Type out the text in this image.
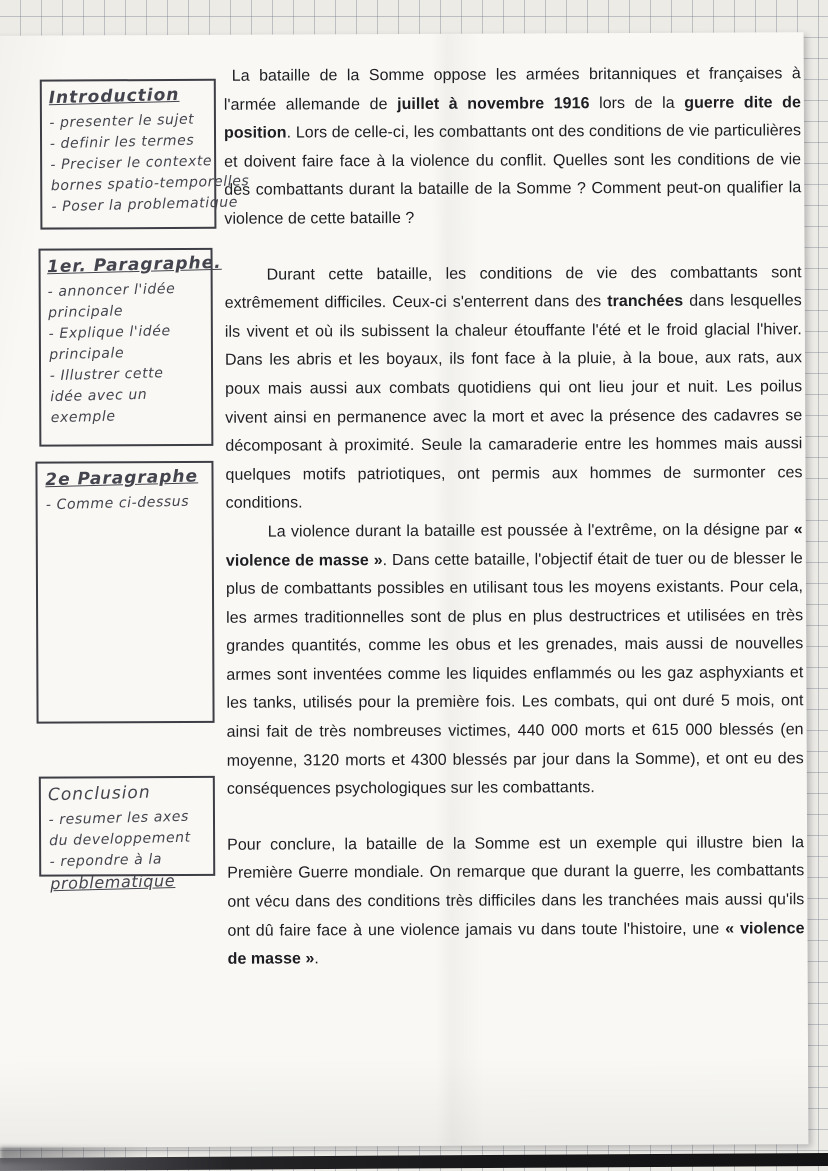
Introduction
- presenter le sujet
- definir les termes
- Preciser le contexte
bornes spatio-temporelles
- Poser la problematique
1er. Paragraphe.
- annoncer l'idée
principale
- Explique l'idée
principale
- Illustrer cette
idée avec un
exemple
2e Paragraphe
- Comme ci-dessus
Conclusion
- resumer les axes
du developpement
- repondre à la
problematique

La bataille de la Somme oppose les armées britanniques et françaises à l'armée allemande de juillet à novembre 1916 lors de la guerre dite de position. Lors de celle-ci, les combattants ont des conditions de vie particulières et doivent faire face à la violence du conflit. Quelles sont les conditions de vie des combattants durant la bataille de la Somme ? Comment peut-on qualifier la violence de cette bataille ?

Durant cette bataille, les conditions de vie des combattants sont extrêmement difficiles. Ceux-ci s'enterrent dans des tranchées dans lesquelles ils vivent et où ils subissent la chaleur étouffante l'été et le froid glacial l'hiver. Dans les abris et les boyaux, ils font face à la pluie, à la boue, aux rats, aux poux mais aussi aux combats quotidiens qui ont lieu jour et nuit. Les poilus vivent ainsi en permanence avec la mort et avec la présence des cadavres se décomposant à proximité. Seule la camaraderie entre les hommes mais aussi quelques motifs patriotiques, ont permis aux hommes de surmonter ces conditions.

La violence durant la bataille est poussée à l'extrême, on la désigne par « violence de masse ». Dans cette bataille, l'objectif était de tuer ou de blesser le plus de combattants possibles en utilisant tous les moyens existants. Pour cela, les armes traditionnelles sont de plus en plus destructrices et utilisées en très grandes quantités, comme les obus et les grenades, mais aussi de nouvelles armes sont inventées comme les liquides enflammés ou les gaz asphyxiants et les tanks, utilisés pour la première fois. Les combats, qui ont duré 5 mois, ont ainsi fait de très nombreuses victimes, 440 000 morts et 615 000 blessés (en moyenne, 3120 morts et 4300 blessés par jour dans la Somme), et ont eu des conséquences psychologiques sur les combattants.

Pour conclure, la bataille de la Somme est un exemple qui illustre bien la Première Guerre mondiale. On remarque que durant la guerre, les combattants ont vécu dans des conditions très difficiles dans les tranchées mais aussi qu'ils ont dû faire face à une violence jamais vu dans toute l'histoire, une « violence de masse ».
